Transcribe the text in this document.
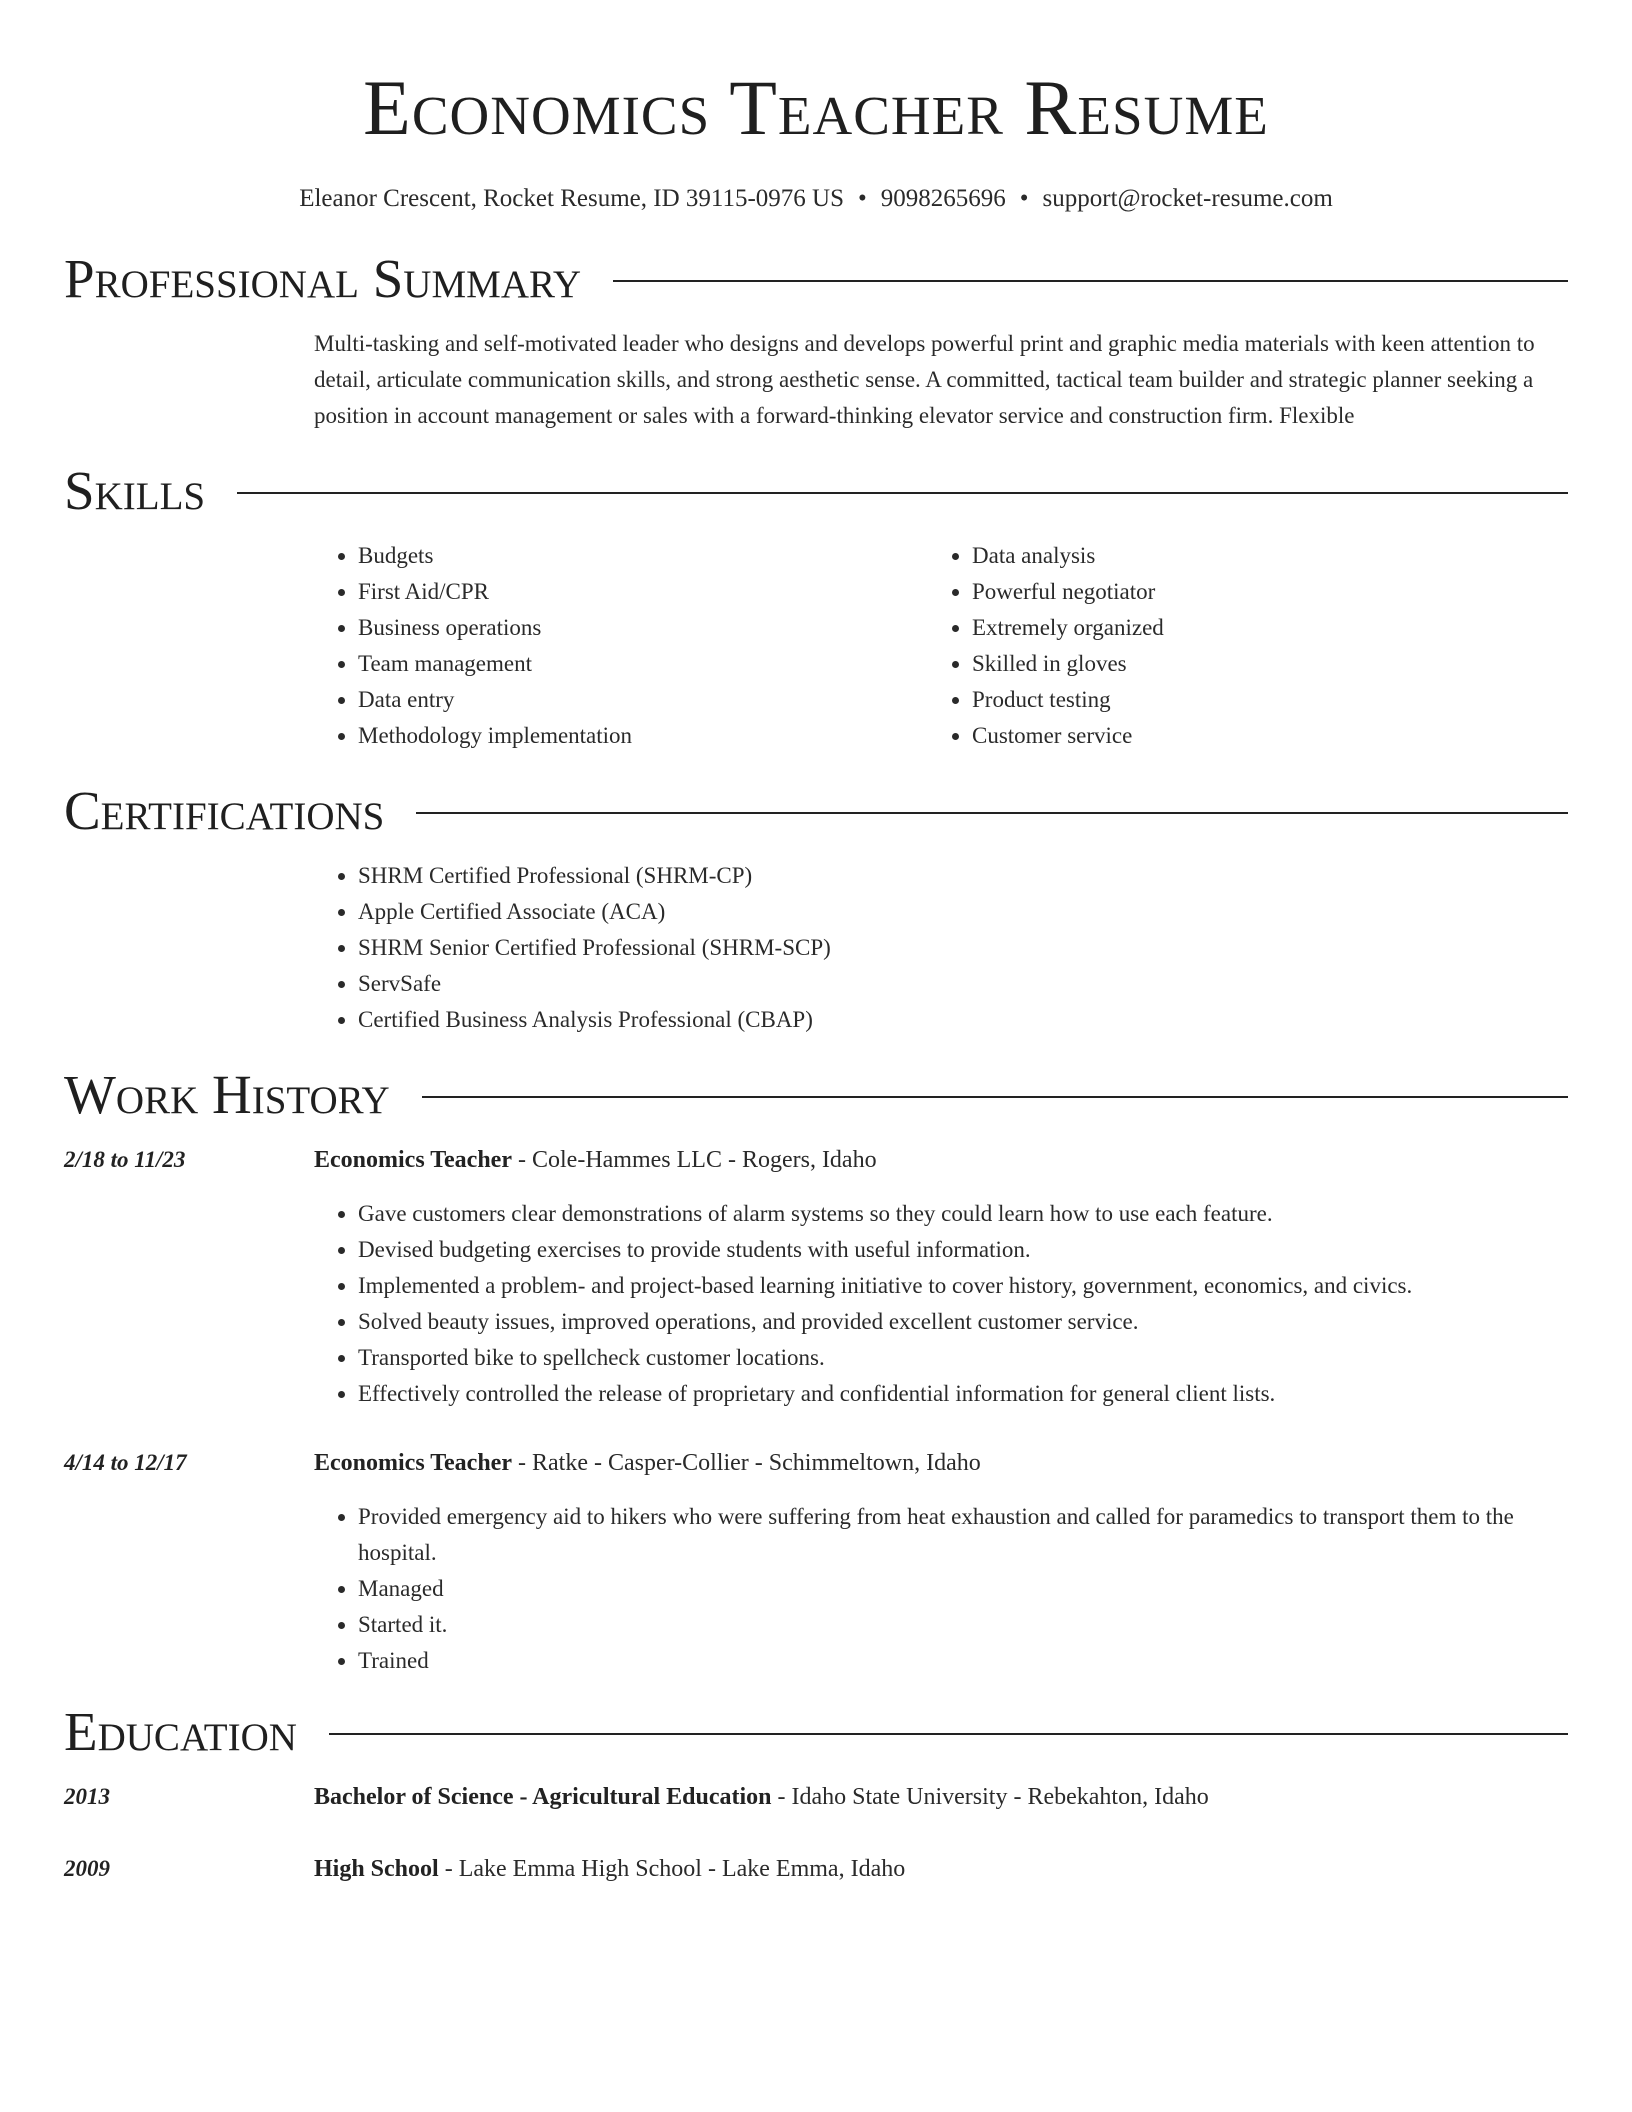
Economics Teacher Resume
Eleanor Crescent, Rocket Resume, ID 39115-0976 US • 9098265696 • support@rocket-resume.com
Professional Summary

Multi-tasking and self-motivated leader who designs and develops powerful print and graphic media materials with keen attention to detail, articulate communication skills, and strong aesthetic sense. A committed, tactical team builder and strategic planner seeking a position in account management or sales with a forward-thinking elevator service and construction firm. Flexible

Skills
• Budgets
• First Aid/CPR
• Business operations
• Team management
• Data entry
• Methodology implementation
• Data analysis
• Powerful negotiator
• Extremely organized
• Skilled in gloves
• Product testing
• Customer service
Certifications
• SHRM Certified Professional (SHRM-CP)
• Apple Certified Associate (ACA)
• SHRM Senior Certified Professional (SHRM-SCP)
• ServSafe
• Certified Business Analysis Professional (CBAP)
Work History
2/18 to 11/23	Economics Teacher - Cole-Hammes LLC - Rogers, Idaho
• Gave customers clear demonstrations of alarm systems so they could learn how to use each feature.
• Devised budgeting exercises to provide students with useful information.
• Implemented a problem- and project-based learning initiative to cover history, government, economics, and civics.
• Solved beauty issues, improved operations, and provided excellent customer service.
• Transported bike to spellcheck customer locations.
• Effectively controlled the release of proprietary and confidential information for general client lists.
4/14 to 12/17	Economics Teacher - Ratke - Casper-Collier - Schimmeltown, Idaho
• Provided emergency aid to hikers who were suffering from heat exhaustion and called for paramedics to transport them to the hospital.
• Managed
• Started it.
• Trained
Education
2013	Bachelor of Science - Agricultural Education - Idaho State University - Rebekahton, Idaho
2009	High School - Lake Emma High School - Lake Emma, Idaho
